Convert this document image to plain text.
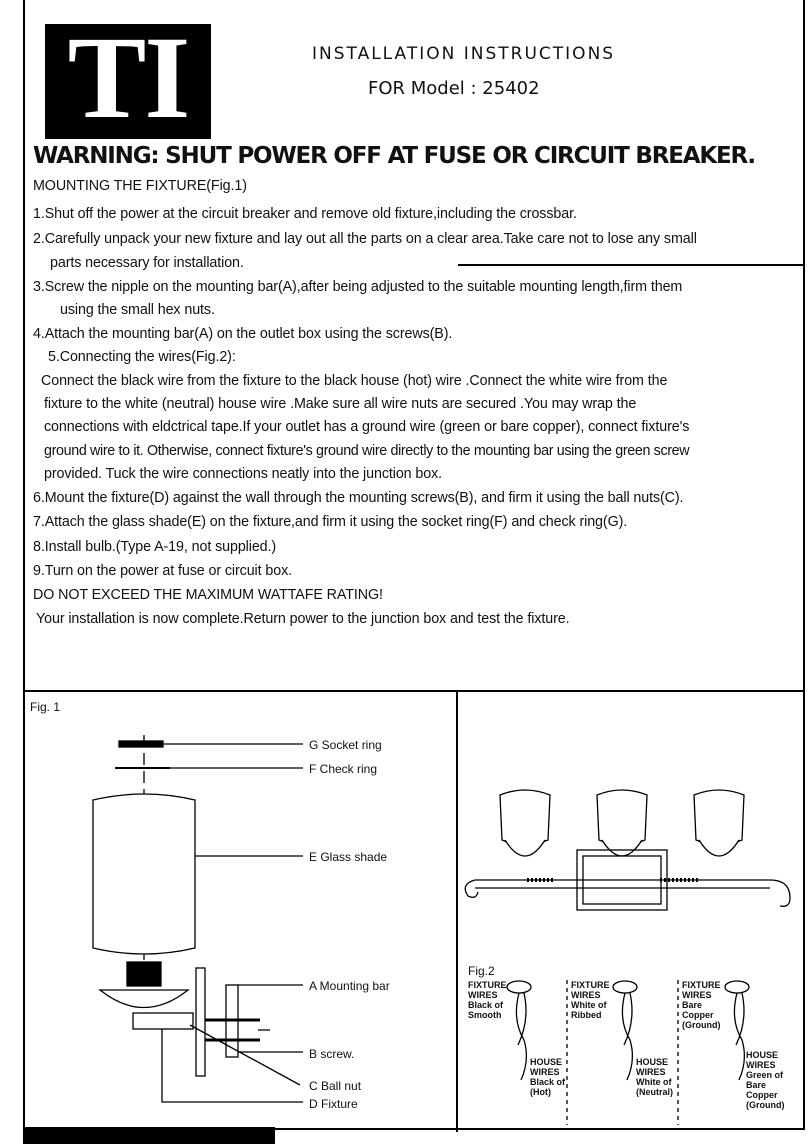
TI	INSTALLATION INSTRUCTIONS
FOR Model : 25402
WARNING: SHUT POWER OFF AT FUSE OR CIRCUIT BREAKER.
MOUNTING THE FIXTURE(Fig.1)
1.Shut off the power at the circuit breaker and remove old fixture,including the crossbar.
2.Carefully unpack your new fixture and lay out all the parts on a clear area.Take care not to lose any small
parts necessary for installation.
3.Screw the nipple on the mounting bar(A),after being adjusted to the suitable mounting length,firm them
using the small hex nuts.
4.Attach the mounting bar(A) on the outlet box using the screws(B).
5.Connecting the wires(Fig.2):
Connect the black wire from the fixture to the black house (hot) wire .Connect the white wire from the
fixture to the white (neutral) house wire .Make sure all wire nuts are secured .You may wrap the
connections with eldctrical tape.If your outlet has a ground wire (green or bare copper), connect fixture's
ground wire to it. Otherwise, connect fixture's ground wire directly to the mounting bar using the green screw
provided. Tuck the wire connections neatly into the junction box.
6.Mount the fixture(D) against the wall through the mounting screws(B), and firm it using the ball nuts(C).
7.Attach the glass shade(E) on the fixture,and firm it using the socket ring(F) and check ring(G).
8.Install bulb.(Type A-19, not supplied.)
9.Turn on the power at fuse or circuit box.
DO NOT EXCEED THE MAXIMUM WATTAFE RATING!
Your installation is now complete.Return power to the junction box and test the fixture.
Fig. 1
Fig.2
G Socket ring
F Check ring
E Glass shade
A Mounting bar
B screw.
C Ball nut
D Fixture
FIXTURE
WIRES
Black of
Smooth
HOUSE
WIRES
Black of
(Hot)
FIXTURE
WIRES
White of
Ribbed
HOUSE
WIRES
White of
(Neutral)
FIXTURE
WIRES
Bare
Copper
(Ground)
HOUSE
WIRES
Green of
Bare
Copper
(Ground)
